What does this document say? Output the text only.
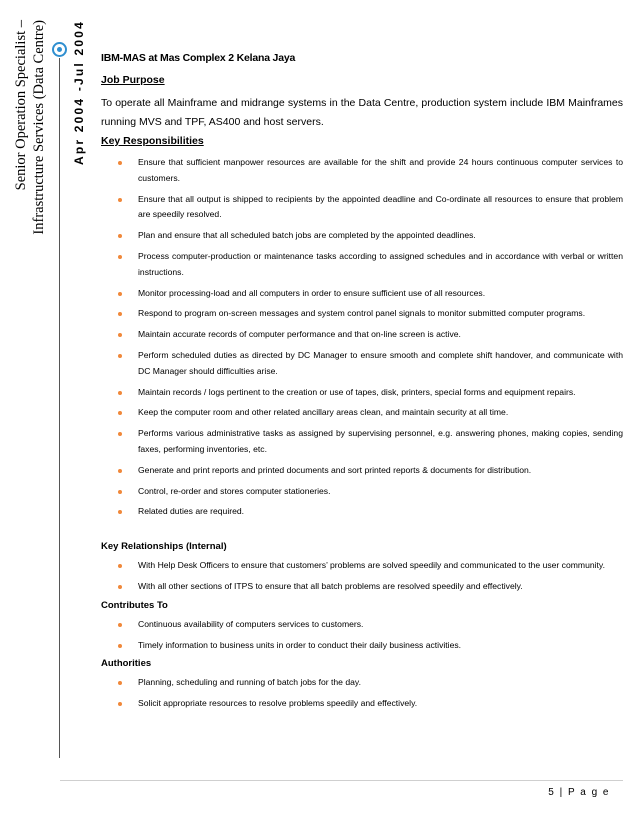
Senior Operation Specialist – Infrastructure Services (Data Centre) Apr 2004 -Jul 2004 IBM-MAS at Mas Complex 2 Kelana Jaya
Job Purpose
To operate all Mainframe and midrange systems in the Data Centre, production system include IBM Mainframes running MVS and TPF, AS400 and host servers.
Key Responsibilities
Ensure that sufficient manpower resources are available for the shift and provide 24 hours continuous computer services to customers.
Ensure that all output is shipped to recipients by the appointed deadline and Co-ordinate all resources to ensure that problem are speedily resolved.
Plan and ensure that all scheduled batch jobs are completed by the appointed deadlines.
Process computer-production or maintenance tasks according to assigned schedules and in accordance with verbal or written instructions.
Monitor processing-load and all computers in order to ensure sufficient use of all resources.
Respond to program on-screen messages and system control panel signals to monitor submitted computer programs.
Maintain accurate records of computer performance and that on-line screen is active.
Perform scheduled duties as directed by DC Manager to ensure smooth and complete shift handover, and communicate with DC Manager should difficulties arise.
Maintain records / logs pertinent to the creation or use of tapes, disk, printers, special forms and equipment repairs.
Keep the computer room and other related ancillary areas clean, and maintain security at all time.
Performs various administrative tasks as assigned by supervising personnel, e.g. answering phones, making copies, sending faxes, performing inventories, etc.
Generate and print reports and printed documents and sort printed reports & documents for distribution.
Control, re-order and stores computer stationeries.
Related duties are required.
Key Relationships (Internal)
With Help Desk Officers to ensure that customers’ problems are solved speedily and communicated to the user community.
With all other sections of ITPS to ensure that all batch problems are resolved speedily and effectively.
Contributes To
Continuous availability of computers services to customers.
Timely information to business units in order to conduct their daily business activities.
Authorities
Planning, scheduling and running of batch jobs for the day.
Solicit appropriate resources to resolve problems speedily and effectively.
5 | P a g e
